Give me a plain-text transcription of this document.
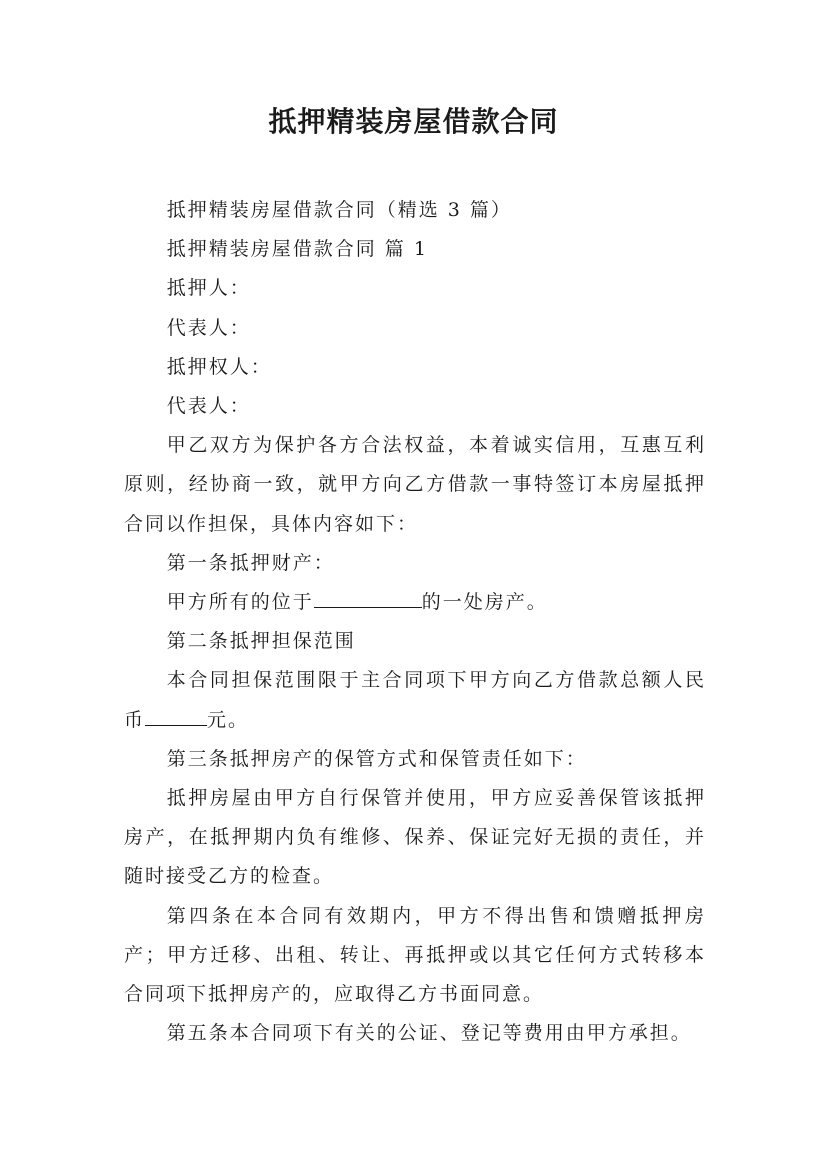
抵押精装房屋借款合同

抵押精装房屋借款合同（精选 3 篇）

抵押精装房屋借款合同 篇 1

抵押人：

代表人：

抵押权人：

代表人：

甲乙双方为保护各方合法权益，本着诚实信用，互惠互利原则，经协商一致，就甲方向乙方借款一事特签订本房屋抵押合同以作担保，具体内容如下：

第一条抵押财产：

甲方所有的位于	的一处房产。

第二条抵押担保范围

本合同担保范围限于主合同项下甲方向乙方借款总额人民币	元。

第三条抵押房产的保管方式和保管责任如下：

抵押房屋由甲方自行保管并使用，甲方应妥善保管该抵押房产，在抵押期内负有维修、保养、保证完好无损的责任，并随时接受乙方的检查。

第四条在本合同有效期内，甲方不得出售和馈赠抵押房产；甲方迁移、出租、转让、再抵押或以其它任何方式转移本合同项下抵押房产的，应取得乙方书面同意。

第五条本合同项下有关的公证、登记等费用由甲方承担。
